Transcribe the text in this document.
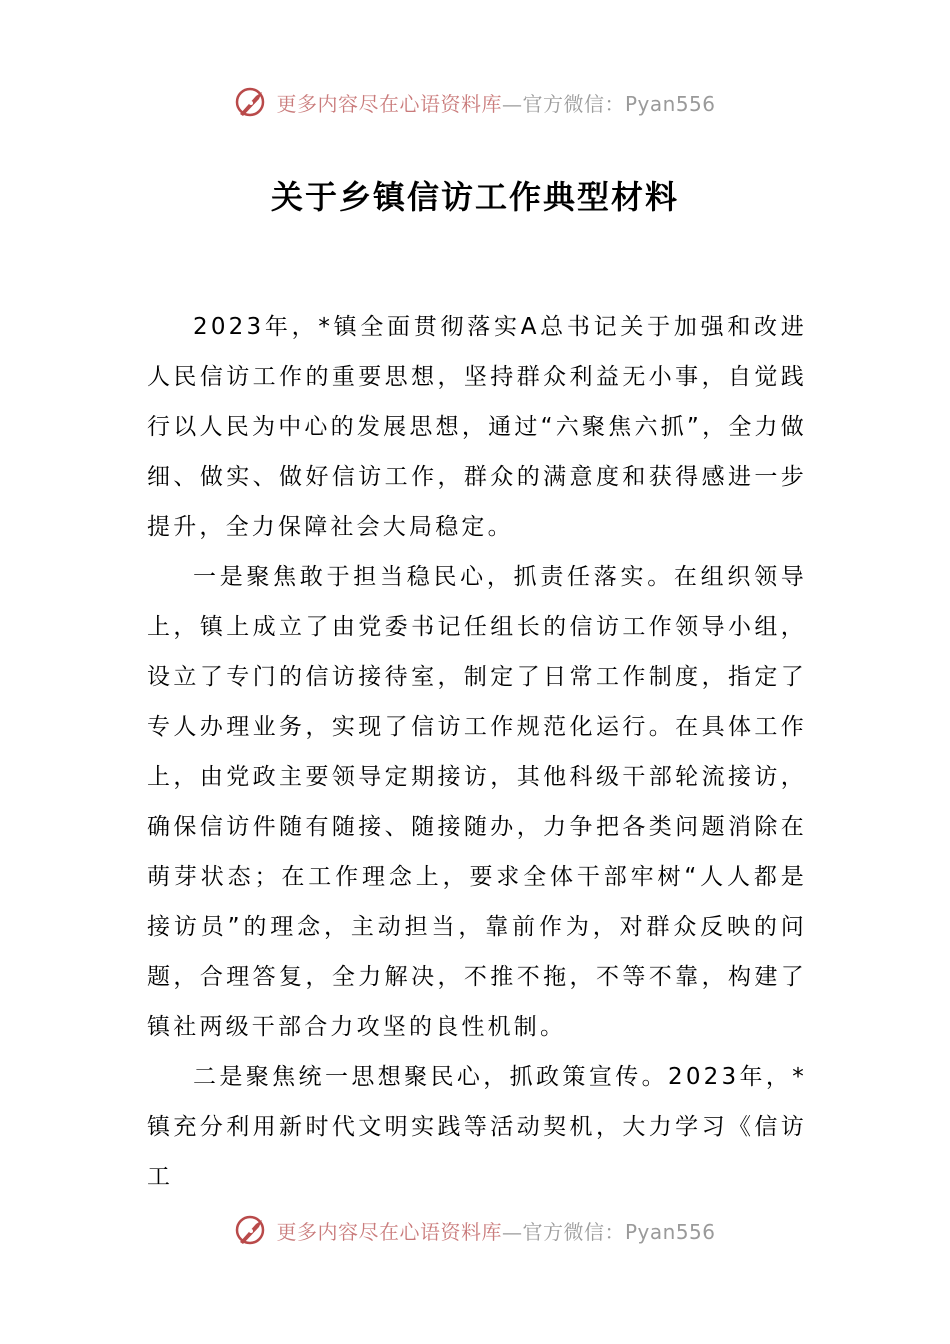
更多内容尽在心语资料库—官方微信：Pyan556
关于乡镇信访工作典型材料

2023年，*镇全面贯彻落实A总书记关于加强和改进人民信访工作的重要思想，坚持群众利益无小事，自觉践行以人民为中心的发展思想，通过“六聚焦六抓”，全力做细、做实、做好信访工作，群众的满意度和获得感进一步提升，全力保障社会大局稳定。

一是聚焦敢于担当稳民心，抓责任落实。在组织领导上，镇上成立了由党委书记任组长的信访工作领导小组，设立了专门的信访接待室，制定了日常工作制度，指定了专人办理业务，实现了信访工作规范化运行。在具体工作上，由党政主要领导定期接访，其他科级干部轮流接访，确保信访件随有随接、随接随办，力争把各类问题消除在萌芽状态；在工作理念上，要求全体干部牢树“人人都是接访员”的理念，主动担当，靠前作为，对群众反映的问题，合理答复，全力解决，不推不拖，不等不靠，构建了镇社两级干部合力攻坚的良性机制。

二是聚焦统一思想聚民心，抓政策宣传。2023年，*镇充分利用新时代文明实践等活动契机，大力学习《信访工

更多内容尽在心语资料库—官方微信：Pyan556
